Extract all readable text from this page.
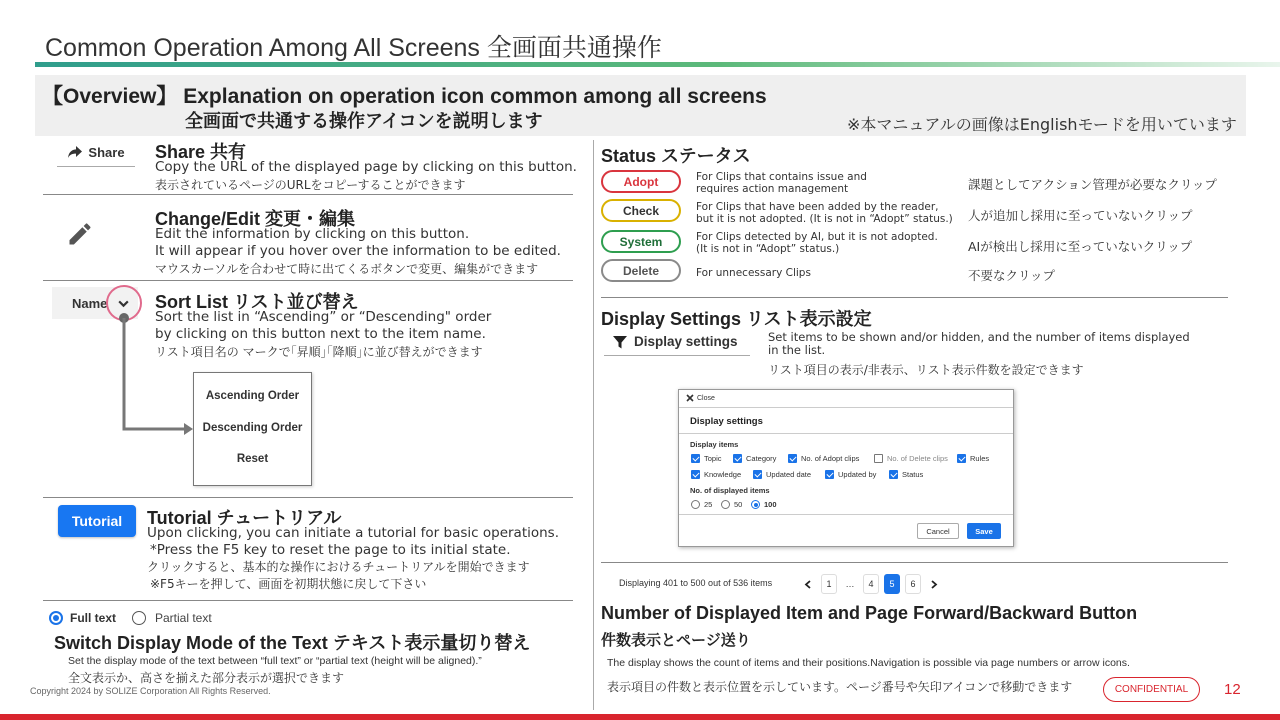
Common Operation Among All Screens 全画面共通操作
【Overview】 Explanation on operation icon common among all screens
全画面で共通する操作アイコンを説明します	※本マニュアルの画像はEnglishモードを用いています
Share Share 共有
Copy the URL of the displayed page by clicking on this button.
表示されているページのURLをコピーすることができます
Change/Edit 変更・編集
Edit the information by clicking on this button.
It will appear if you hover over the information to be edited.
マウスカーソルを合わせて時に出てくるボタンで変更、編集ができます
Name	Sort List リスト並び替え
Sort the list in “Ascending” or “Descending" order
by clicking on this button next to the item name.
リスト項目名の マークで｢昇順｣｢降順｣に並び替えができます
Ascending Order
Descending Order
Reset
Tutorial	Tutorial チュートリアル
Upon clicking, you can initiate a tutorial for basic operations.
*Press the F5 key to reset the page to its initial state.
クリックすると、基本的な操作におけるチュートリアルを開始できます
※F5キーを押して、画面を初期状態に戻して下さい
Full text	Partial text
Switch Display Mode of the Text テキスト表示量切り替え
Set the display mode of the text between “full text” or “partial text (height will be aligned).”
全文表示か、高さを揃えた部分表示が選択できます
Status ステータス
Adopt	For Clips that contains issue and
requires action management	課題としてアクション管理が必要なクリップ
Check	For Clips that have been added by the reader,
but it is not adopted. (It is not in “Adopt” status.) 人が追加し採用に至っていないクリップ
System	For Clips detected by AI, but it is not adopted.
(It is not in “Adopt” status.)	AIが検出し採用に至っていないクリップ
Delete	For unnecessary Clips	不要なクリップ
Display Settings リスト表示設定
Display settings	Set items to be shown and/or hidden, and the number of items displayed
in the list.
リスト項目の表示/非表示、リスト表示件数を設定できます
Close
Display settings
Display items
Topic	Category	No. of Adopt clips	No. of Delete clips	Rules
Knowledge	Updated date	Updated by	Status
No. of displayed items
25	50	100
Cancel	Save
Displaying 401 to 500 out of 536 items	1	…	4	5	6
Number of Displayed Item and Page Forward/Backward Button
件数表示とページ送り
The display shows the count of items and their positions.Navigation is possible via page numbers or arrow icons.
表示項目の件数と表示位置を示しています。ページ番号や矢印アイコンで移動できます
Copyright 2024 by SOLIZE Corporation All Rights Reserved.	CONFIDENTIAL	12
